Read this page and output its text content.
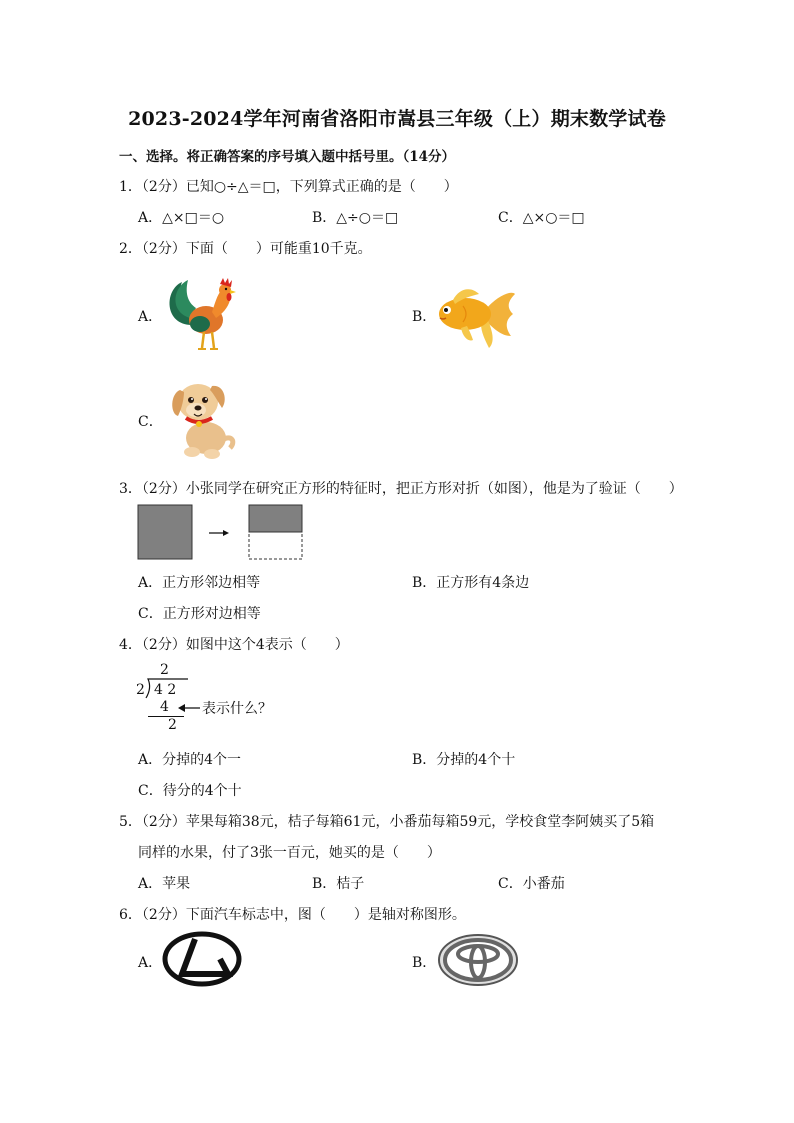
2023-2024学年河南省洛阳市嵩县三年级（上）期末数学试卷
一、选择。将正确答案的序号填入题中括号里。（14分）
1．（2分）已知○÷△＝□，下列算式正确的是（　　）
A．△×□＝○	B．△÷○＝□	C．△×○＝□
2．（2分）下面（　　）可能重10千克。
A．	B．
C．
3．（2分）小张同学在研究正方形的特征时，把正方形对折（如图），他是为了验证（　　）
A．正方形邻边相等	B．正方形有4条边
C．正方形对边相等
4．（2分）如图中这个4表示（　　）
2
2 4 2
4 表示什么？
2
A．分掉的4个一	B．分掉的4个十
C．待分的4个十
5．（2分）苹果每箱38元，桔子每箱61元，小番茄每箱59元，学校食堂李阿姨买了5箱
同样的水果，付了3张一百元，她买的是（　　）
A．苹果	B．桔子	C．小番茄
6．（2分）下面汽车标志中，图（　　）是轴对称图形。
A．	B．
